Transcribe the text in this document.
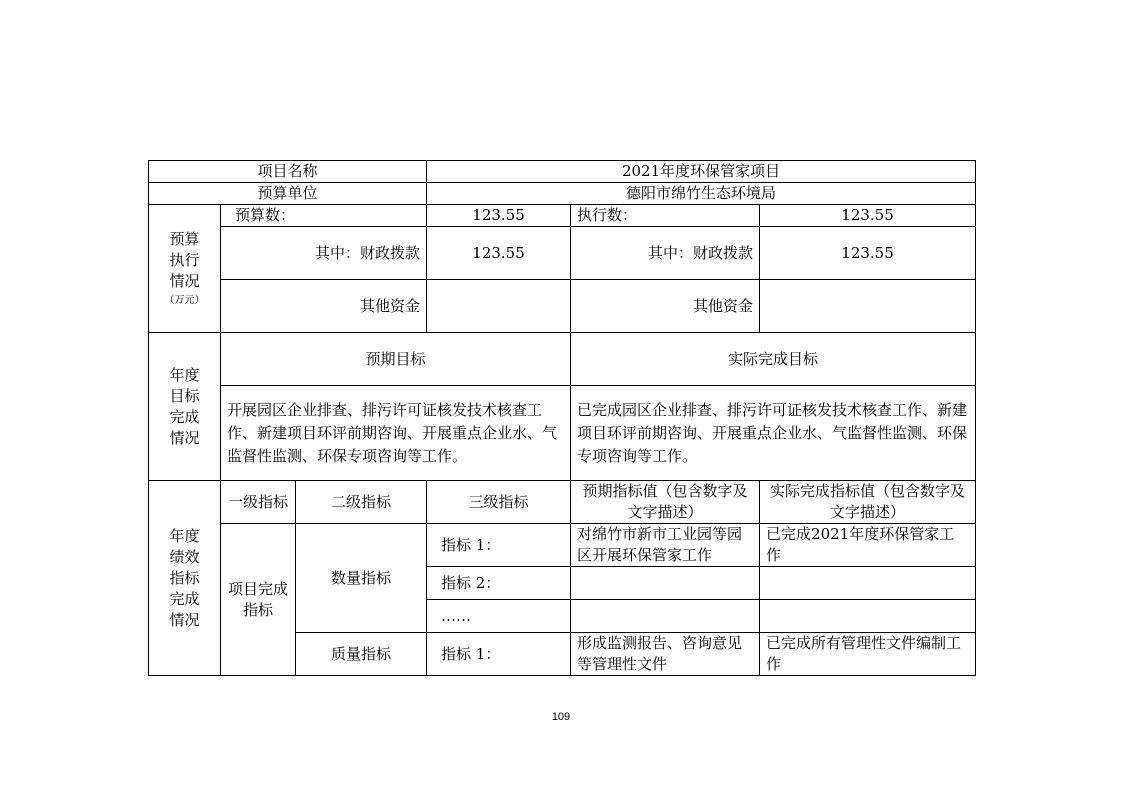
项目名称			2021年度环保管家项目		
预算单位			德阳市绵竹生态环境局		

预算
执行
情况
（万元）	预算数：		123.55	执行数：	123.55
	其中：财政拨款		123.55	其中：财政拨款	123.55
	其他资金			其他资金	

年度
目标
完成
情况	预期目标			实际完成目标	
	开展园区企业排查、排污许可证核发技术核查工作、新建项目环评前期咨询、开展重点企业水、气监督性监测、环保专项咨询等工作。			已完成园区企业排查、排污许可证核发技术核查工作、新建项目环评前期咨询、开展重点企业水、气监督性监测、环保专项咨询等工作。	

年度
绩效
指标
完成
情况	一级指标	二级指标	三级指标	预期指标值（包含数字及文字描述）	实际完成指标值（包含数字及文字描述）
	项目完成指标	数量指标	指标 1：	对绵竹市新市工业园等园区开展环保管家工作	已完成2021年度环保管家工作
			指标 2：		
			……		
		质量指标	指标 1：	形成监测报告、咨询意见等管理性文件	已完成所有管理性文件编制工作
109
